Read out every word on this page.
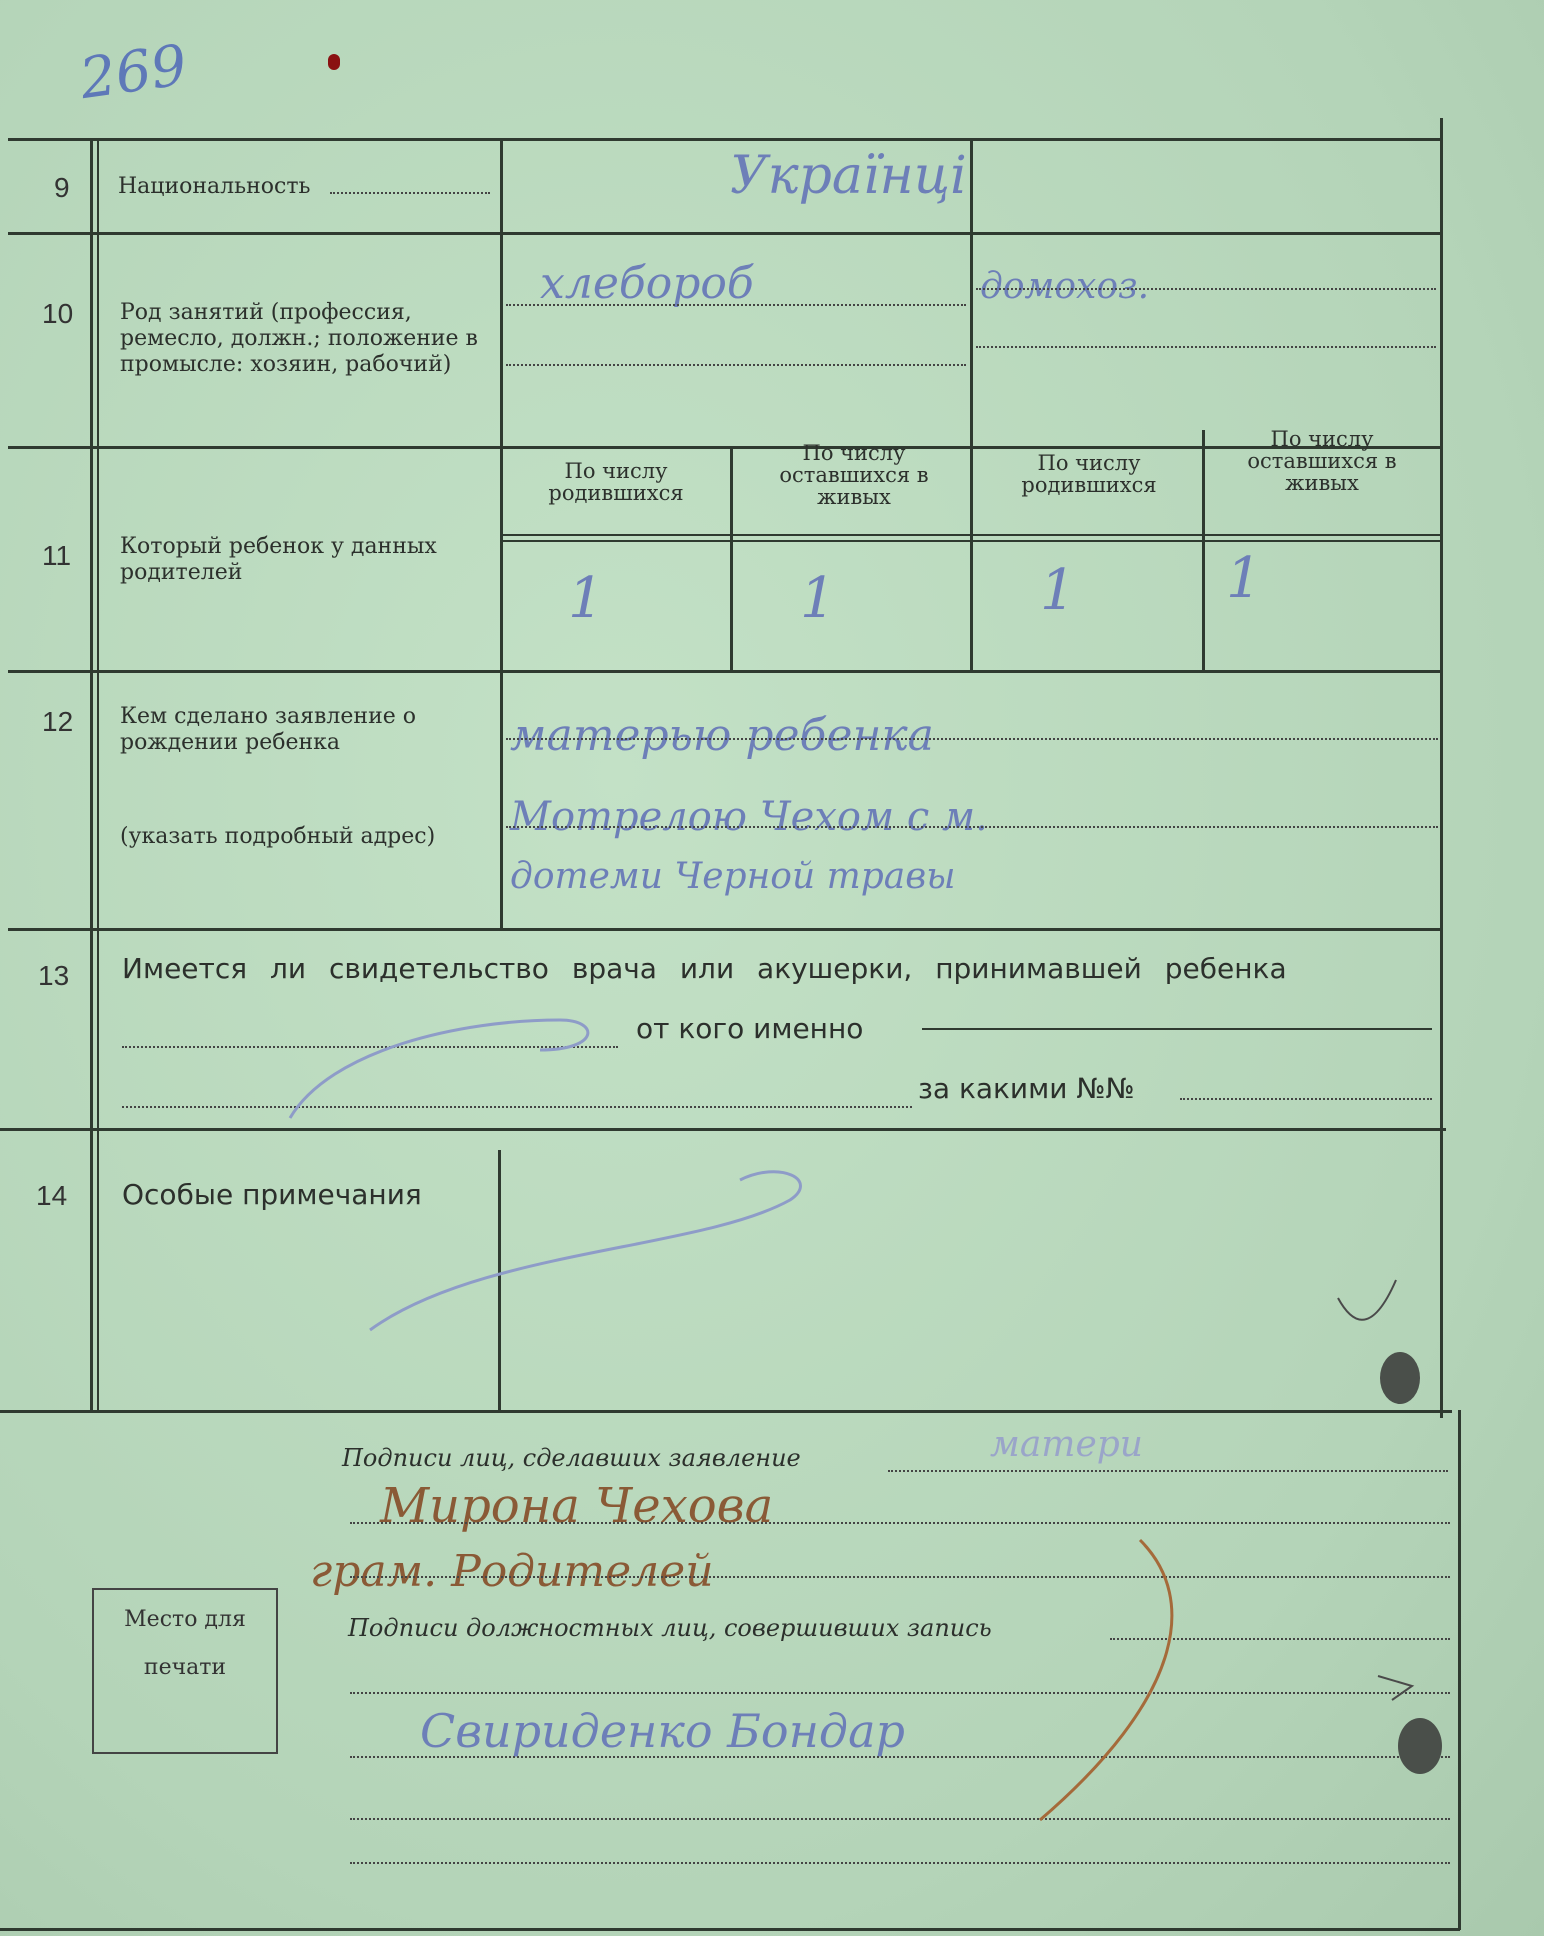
269
9 Национальность	Українці
10 Род занятий (профессия, ремесло, должн.; положение в промысле: хозяин, рабочий)
хлебороб	домохоз.
11 Который ребенок у данных родителей
По числу родившихся
По числу оставшихся в живых
По числу родившихся
По числу оставшихся в живых
1	1	1	1
12 Кем сделано заявление о рождении ребенка
(указать подробный адрес)
матерью ребенка
Мотрелою Чехом с м.
дотеми Черной травы
13 Имеется ли свидетельство врача или акушерки, принимавшей ребенка
от кого именно
за какими №№
14 Особые примечания
Подписи лиц, сделавших заявление	матери
Мирона Чехова
грам. Родителей
Подписи должностных лиц, совершивших запись
Свириденко Бондар
Место для
печати
